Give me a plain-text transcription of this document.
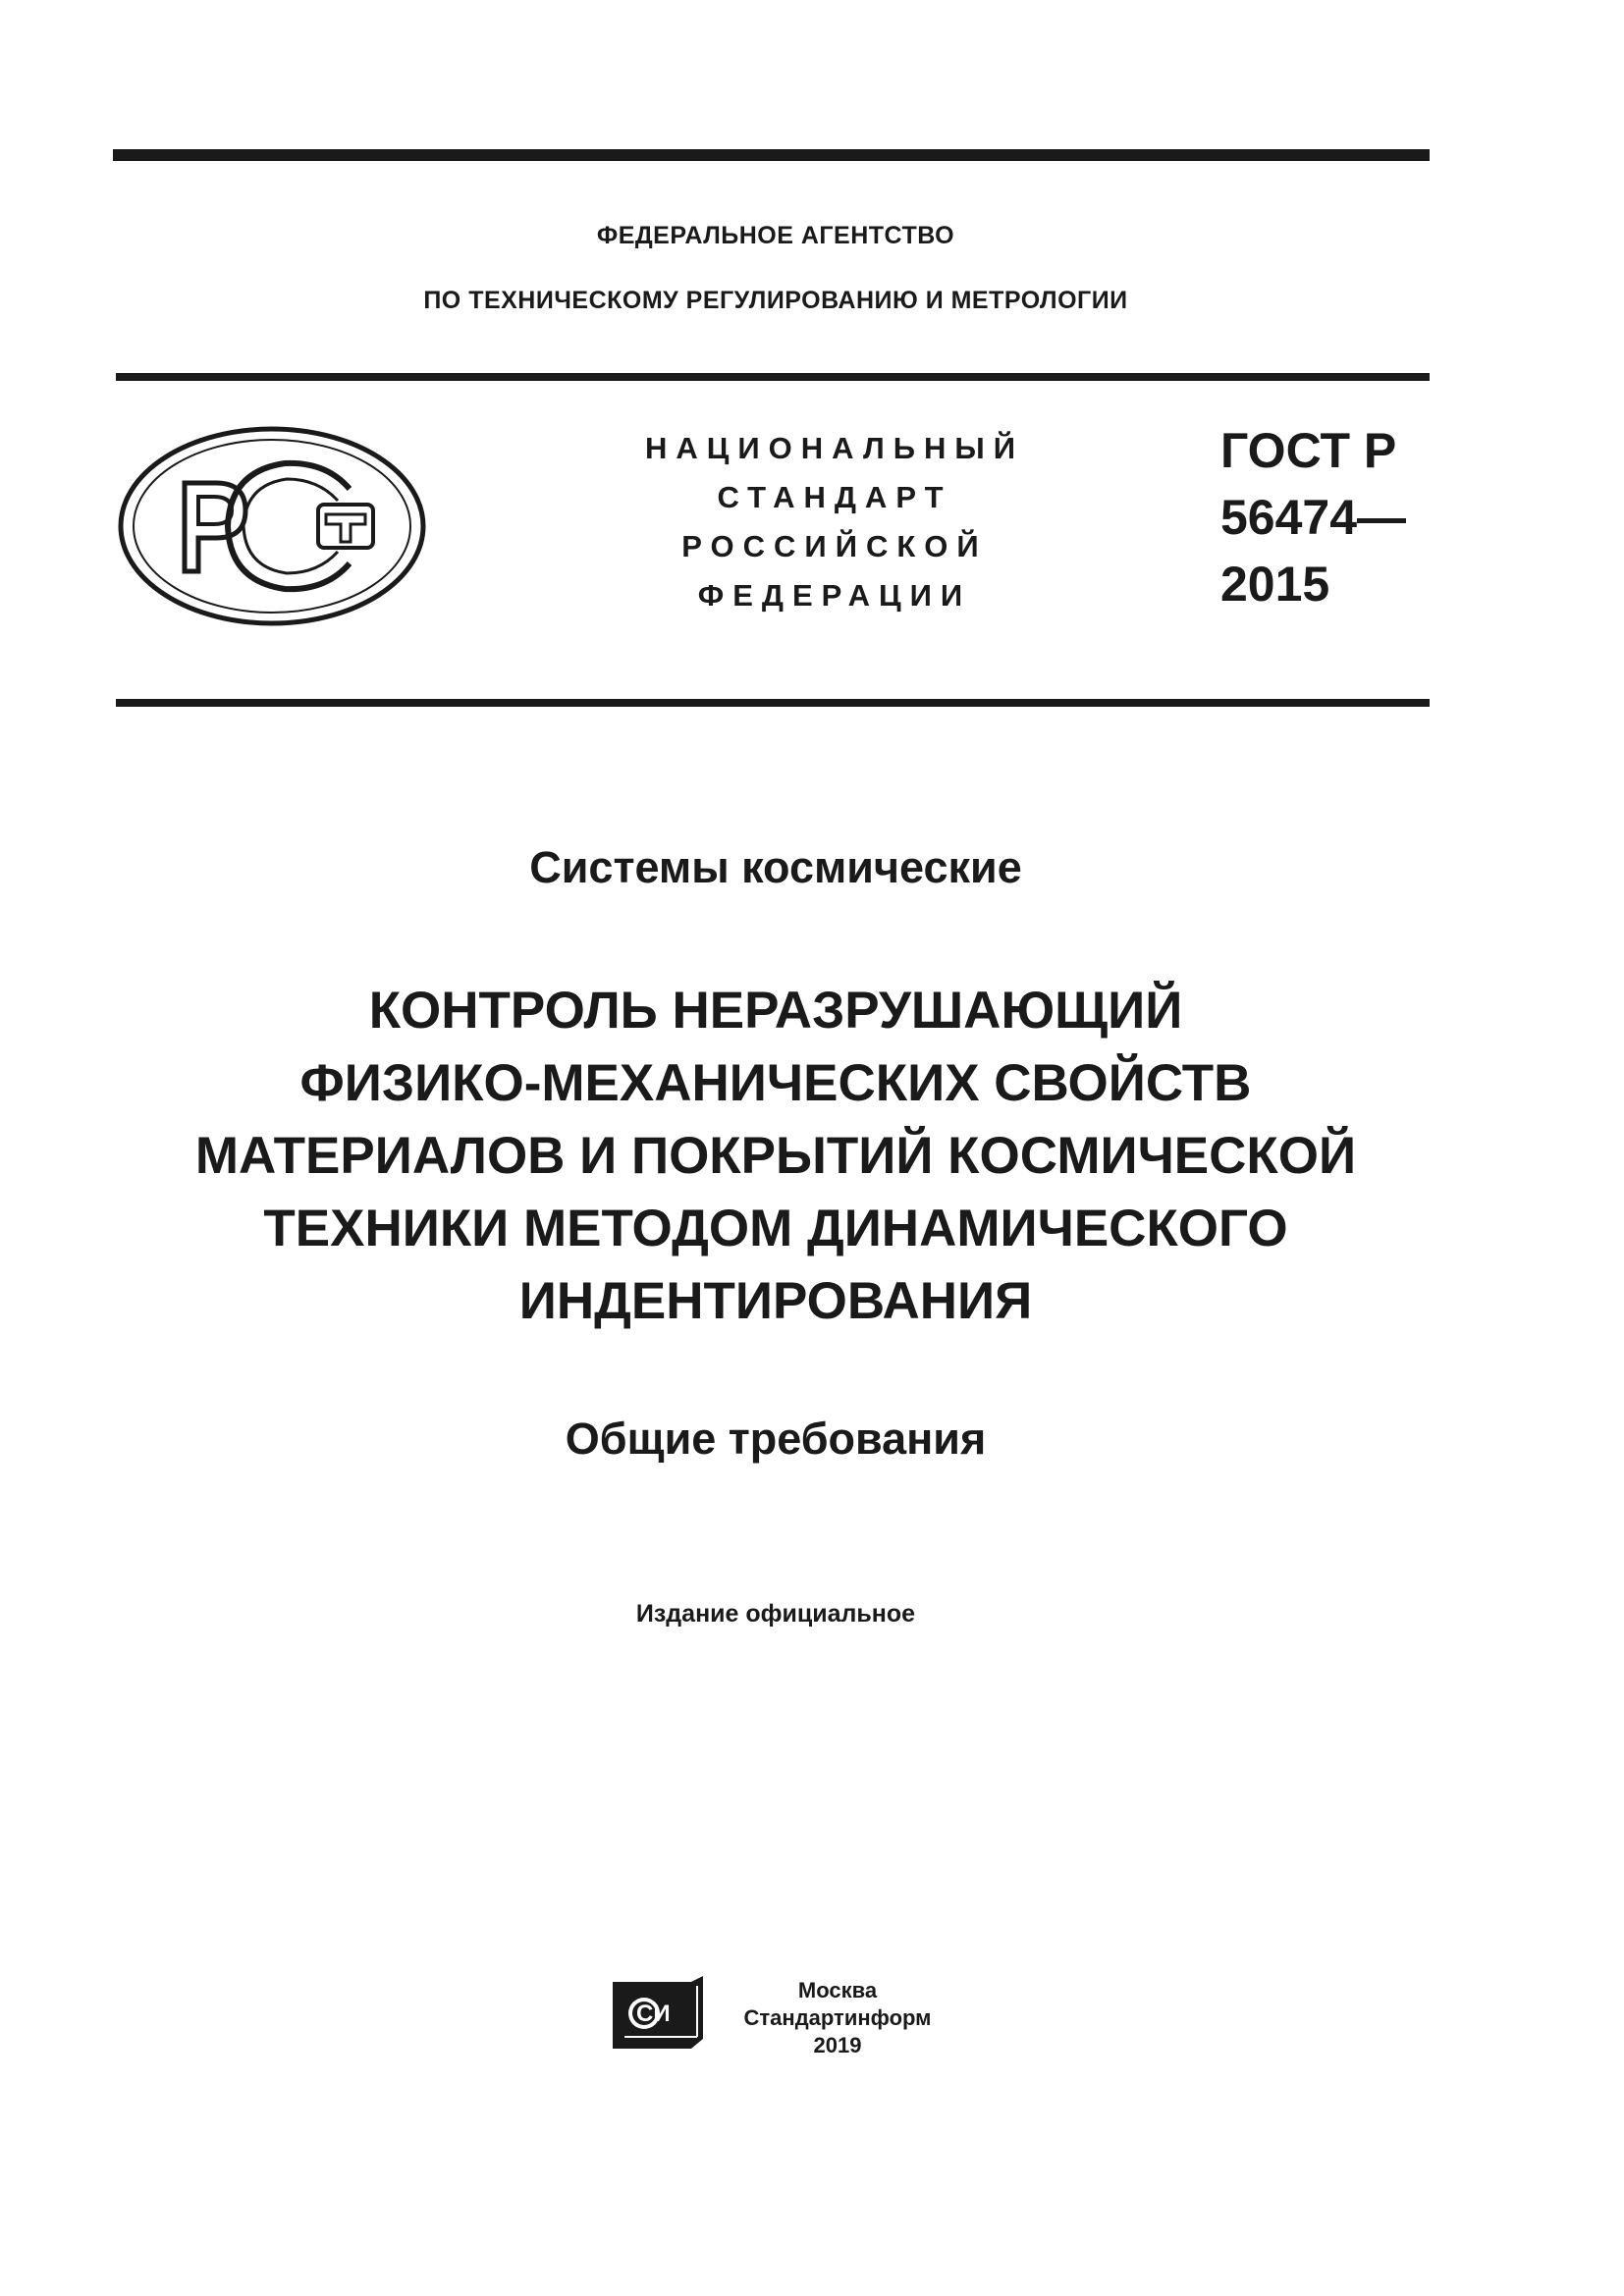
ФЕДЕРАЛЬНОЕ АГЕНТСТВО
ПО ТЕХНИЧЕСКОМУ РЕГУЛИРОВАНИЮ И МЕТРОЛОГИИ
НАЦИОНАЛЬНЫЙ
СТАНДАРТ
РОССИЙСКОЙ
ФЕДЕРАЦИИ
ГОСТ Р
56474—
2015
Системы космические
КОНТРОЛЬ НЕРАЗРУШАЮЩИЙ
ФИЗИКО-МЕХАНИЧЕСКИХ СВОЙСТВ
МАТЕРИАЛОВ И ПОКРЫТИЙ КОСМИЧЕСКОЙ
ТЕХНИКИ МЕТОДОМ ДИНАМИЧЕСКОГО
ИНДЕНТИРОВАНИЯ
Общие требования
Издание официальное
СИ
Москва
Стандартинформ
2019
